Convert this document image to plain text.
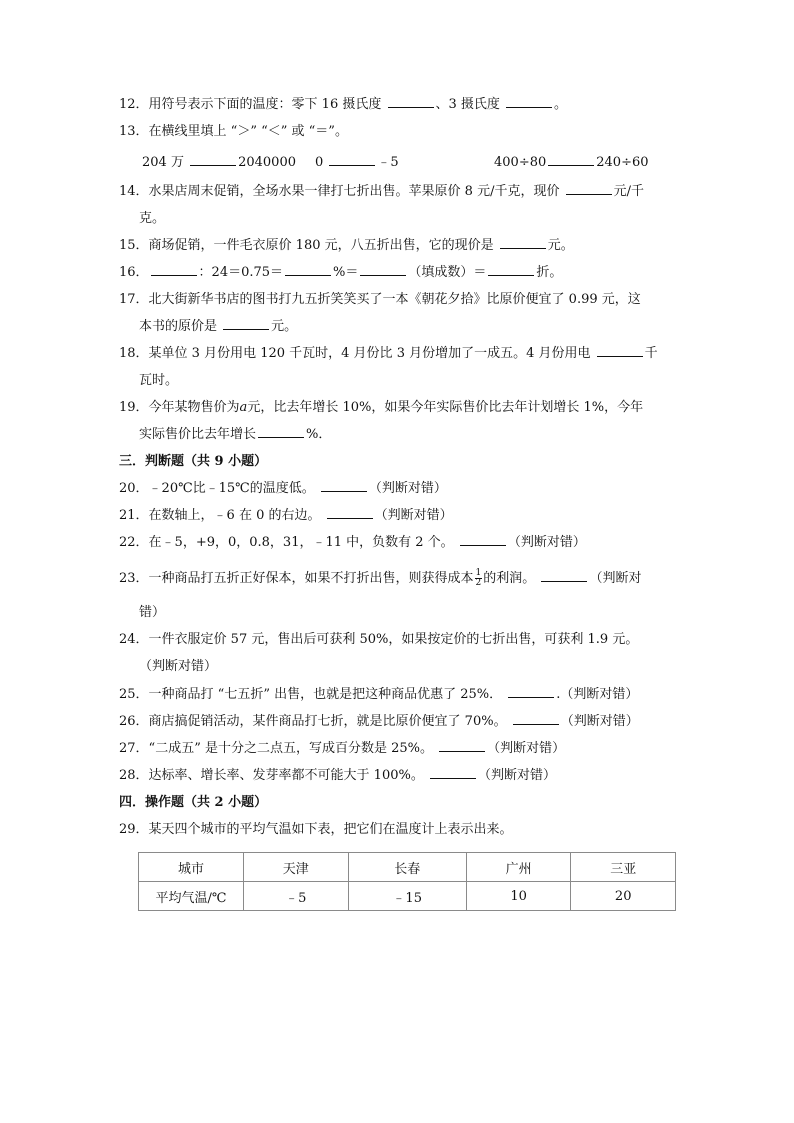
12．用符号表示下面的温度：零下 16 摄氏度	、3 摄氏度	。
13．在横线里填上 “＞” “＜” 或 “＝”。
204 万	2040000 0	﹣5	400÷80	240÷60
14．水果店周末促销，全场水果一律打七折出售。苹果原价 8 元/千克，现价	元/千
克。
15．商场促销，一件毛衣原价 180 元，八五折出售，它的现价是	元。
16．	：24＝0.75＝	%＝	（填成数）＝	折。
17．北大街新华书店的图书打九五折笑笑买了一本《朝花夕拾》比原价便宜了 0.99 元，这
本书的原价是	元。
18．某单位 3 月份用电 120 千瓦时，4 月份比 3 月份增加了一成五。4 月份用电	千
瓦时。
19．今年某物售价为a元，比去年增长 10%，如果今年实际售价比去年计划增长 1%，今年
实际售价比去年增长	%．
三．判断题（共 9 小题）
20．﹣20℃比﹣15℃的温度低。	（判断对错）
21．在数轴上，﹣6 在 0 的右边。	（判断对错）
22．在﹣5，+9，0，0.8，31，﹣11 中，负数有 2 个。	（判断对错）
23．一种商品打五折正好保本，如果不打折出售，则获得成本 $\frac{1}{2}$ 的利润。	（判断对
错）
24．一件衣服定价 57 元，售出后可获利 50%，如果按定价的七折出售，可获利 1.9 元。
（判断对错）
25．一种商品打 “七五折” 出售，也就是把这种商品优惠了 25%．	.（判断对错）
26．商店搞促销活动，某件商品打七折，就是比原价便宜了 70%。	（判断对错）
27．“二成五” 是十分之二点五，写成百分数是 25%。	（判断对错）
28．达标率、增长率、发芽率都不可能大于 100%。	（判断对错）
四．操作题（共 2 小题）
29．某天四个城市的平均气温如下表，把它们在温度计上表示出来。
城市	天津	长春	广州	三亚
平均气温/℃	﹣5	﹣15	10	20
